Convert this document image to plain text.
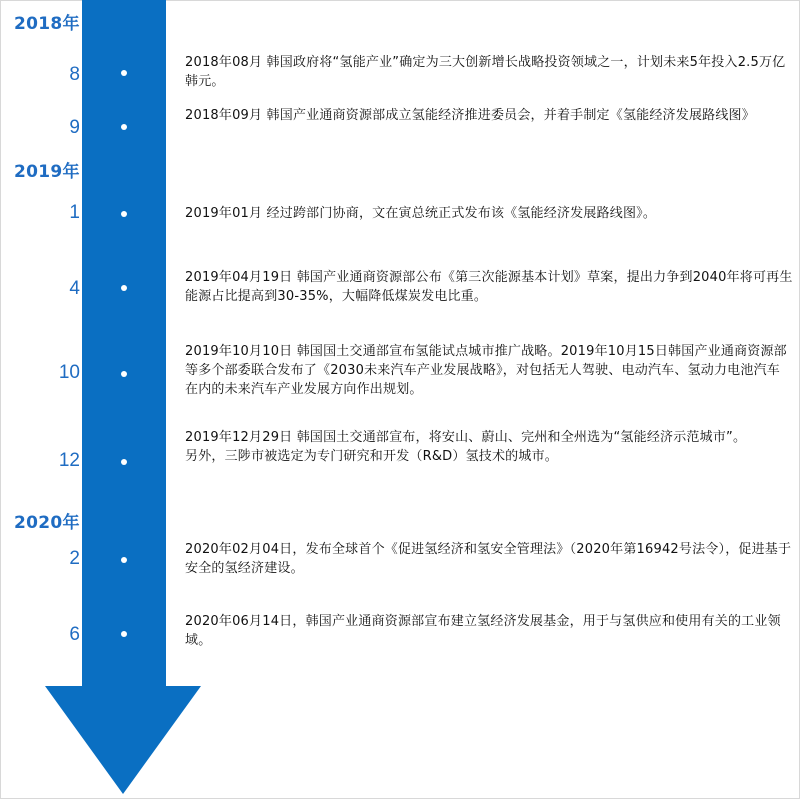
2018年
2019年
2020年
8

2018年08月 韩国政府将“氢能产业”确定为三大创新增长战略投资领域之一，计划未来5年投入2.5万亿韩元。

9

2018年09月 韩国产业通商资源部成立氢能经济推进委员会，并着手制定《氢能经济发展路线图》

1	2019年01月 经过跨部门协商，文在寅总统正式发布该《氢能经济发展路线图》。

4

2019年04月19日 韩国产业通商资源部公布《第三次能源基本计划》草案，提出力争到2040年将可再生能源占比提高到30-35%，大幅降低煤炭发电比重。

10

2019年10月10日 韩国国土交通部宣布氢能试点城市推广战略。2019年10月15日韩国产业通商资源部等多个部委联合发布了《2030未来汽车产业发展战略》，对包括无人驾驶、电动汽车、氢动力电池汽车在内的未来汽车产业发展方向作出规划。

12

2019年12月29日 韩国国土交通部宣布，将安山、蔚山、完州和全州选为“氢能经济示范城市”。

另外，三陟市被选定为专门研究和开发（R&D）氢技术的城市。

2	2020年02月04日，发布全球首个《促进氢经济和氢安全管理法》（2020年第16942号法令），促进基于安全的氢经济建设。

6

2020年06月14日，韩国产业通商资源部宣布建立氢经济发展基金，用于与氢供应和使用有关的工业领域。
